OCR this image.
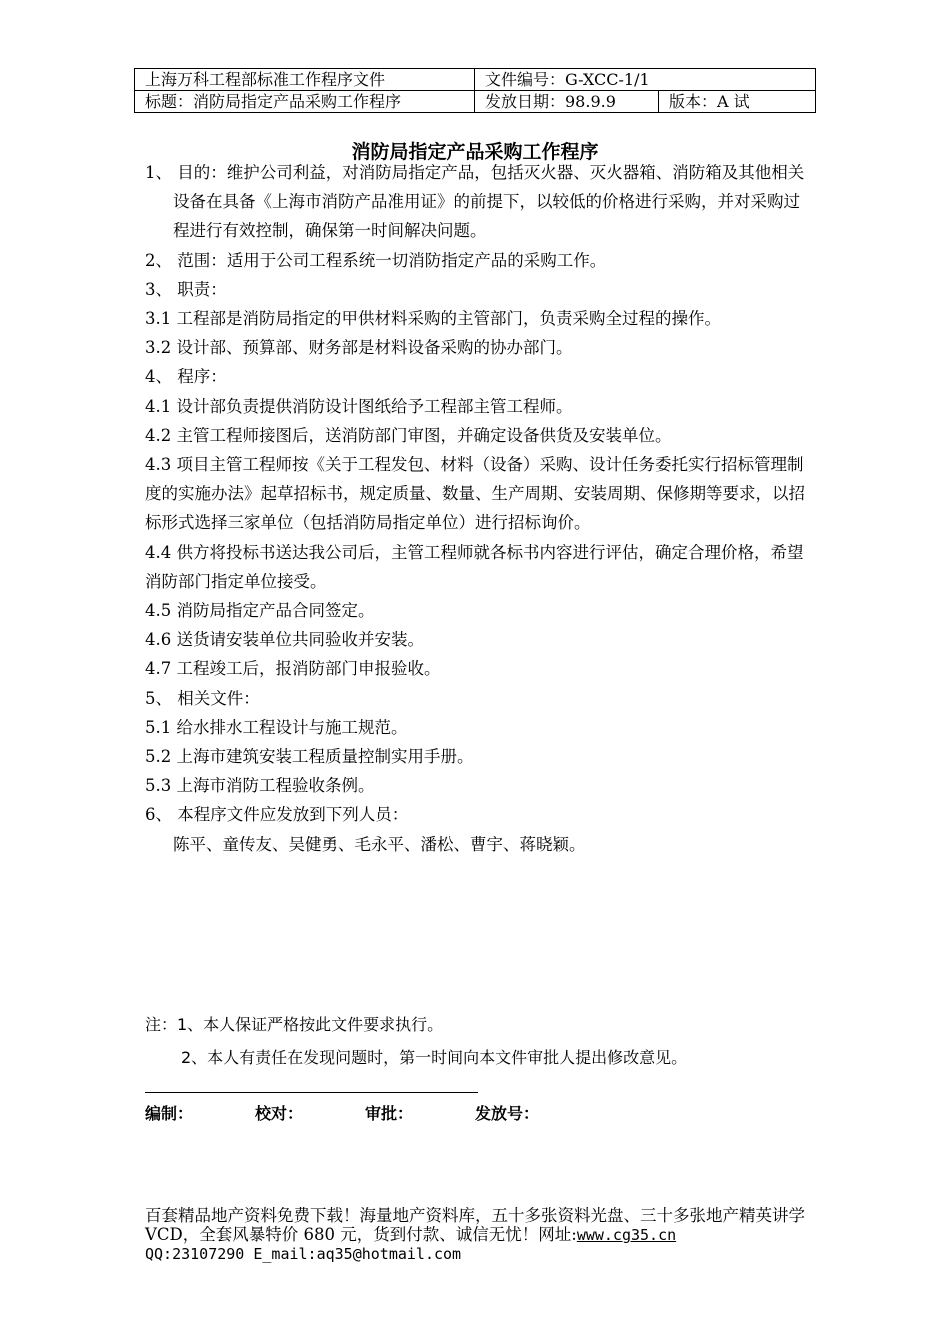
上海万科工程部标准工作程序文件	文件编号：G-XCC-1/1	
标题：消防局指定产品采购工作程序	发放日期：98.9.9	版本：A 试
消防局指定产品采购工作程序

1、 目的：维护公司利益，对消防局指定产品，包括灭火器、灭火器箱、消防箱及其他相关设备在具备《上海市消防产品准用证》的前提下，以较低的价格进行采购，并对采购过程进行有效控制，确保第一时间解决问题。

2、 范围：适用于公司工程系统一切消防指定产品的采购工作。

3、 职责：

3.1 工程部是消防局指定的甲供材料采购的主管部门，负责采购全过程的操作。

3.2 设计部、预算部、财务部是材料设备采购的协办部门。

4、 程序：

4.1 设计部负责提供消防设计图纸给予工程部主管工程师。

4.2 主管工程师接图后，送消防部门审图，并确定设备供货及安装单位。

4.3 项目主管工程师按《关于工程发包、材料（设备）采购、设计任务委托实行招标管理制度的实施办法》起草招标书，规定质量、数量、生产周期、安装周期、保修期等要求，以招标形式选择三家单位（包括消防局指定单位）进行招标询价。

4.4 供方将投标书送达我公司后，主管工程师就各标书内容进行评估，确定合理价格，希望消防部门指定单位接受。

4.5 消防局指定产品合同签定。

4.6 送货请安装单位共同验收并安装。

4.7 工程竣工后，报消防部门申报验收。

5、 相关文件：

5.1 给水排水工程设计与施工规范。

5.2 上海市建筑安装工程质量控制实用手册。

5.3 上海市消防工程验收条例。

6、 本程序文件应发放到下列人员：

陈平、童传友、吴健勇、毛永平、潘松、曹宇、蒋晓颖。

注：1、本人保证严格按此文件要求执行。

2、本人有责任在发现问题时，第一时间向本文件审批人提出修改意见。

编制：	校对：	审批：	发放号：

百套精品地产资料免费下载！海量地产资料库，五十多张资料光盘、三十多张地产精英讲学 VCD，全套风暴特价 680 元，货到付款、诚信无忧！网址:www.cg35.cn

QQ:23107290 E_mail:aq35@hotmail.com
